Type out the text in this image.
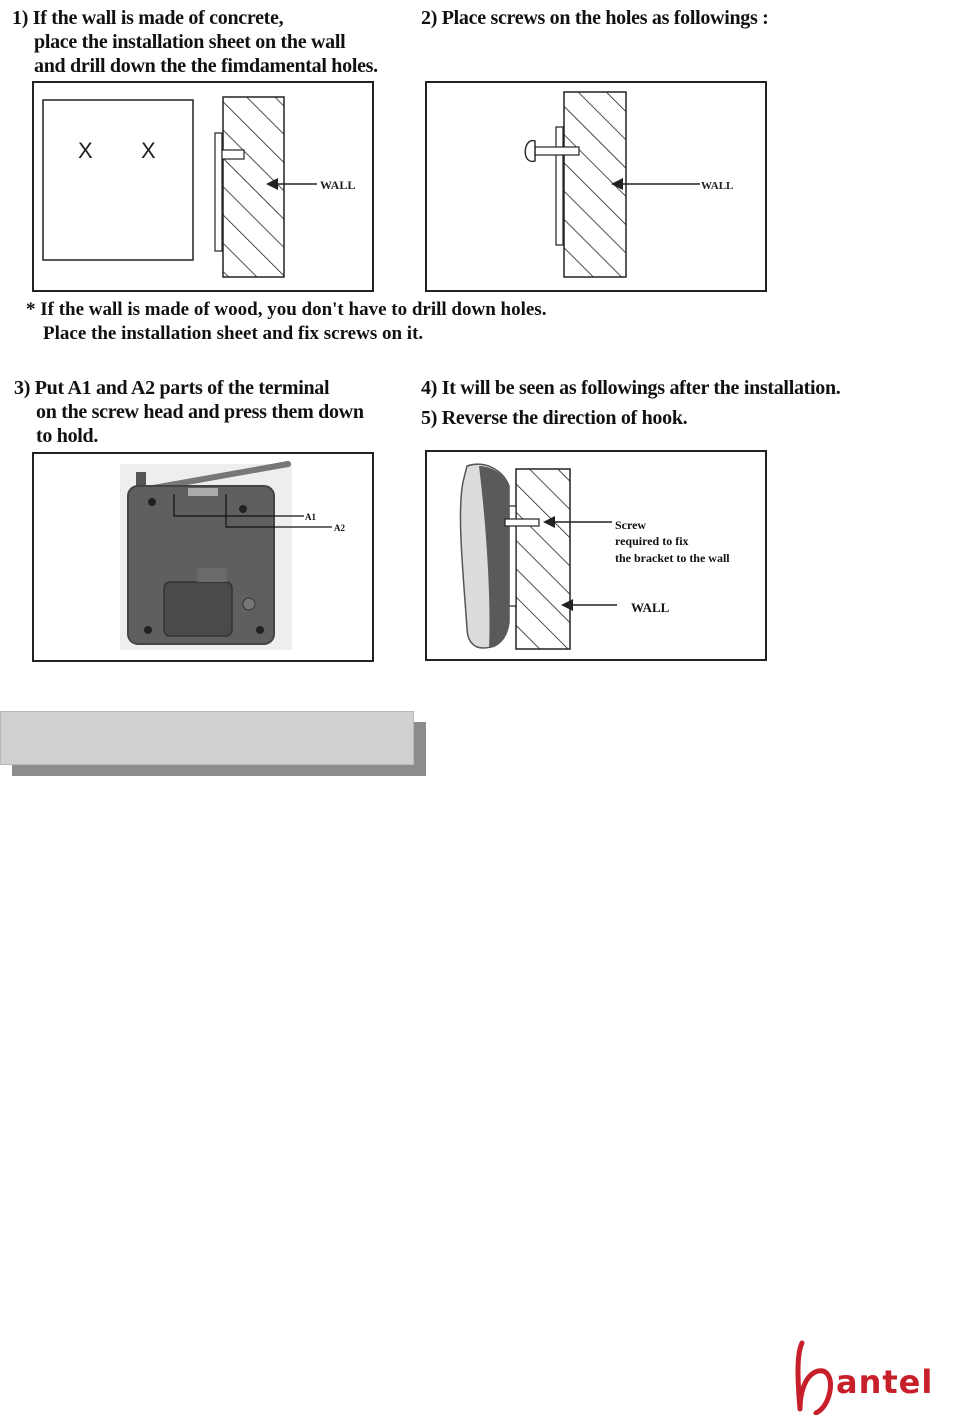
1) If the wall is made of concrete,
place the installation sheet on the wall
and drill down the the fimdamental holes.
2) Place screws on the holes as followings :
X X
WALL	WALL
* If the wall is made of wood, you don't have to drill down holes.
Place the installation sheet and fix screws on it.
3) Put A1 and A2 parts of the terminal
on the screw head and press them down
to hold.
4) It will be seen as followings after the installation.
5) Reverse the direction of hook.
A1
A2	Screw
required to fix
the bracket to the wall
WALL
antel
